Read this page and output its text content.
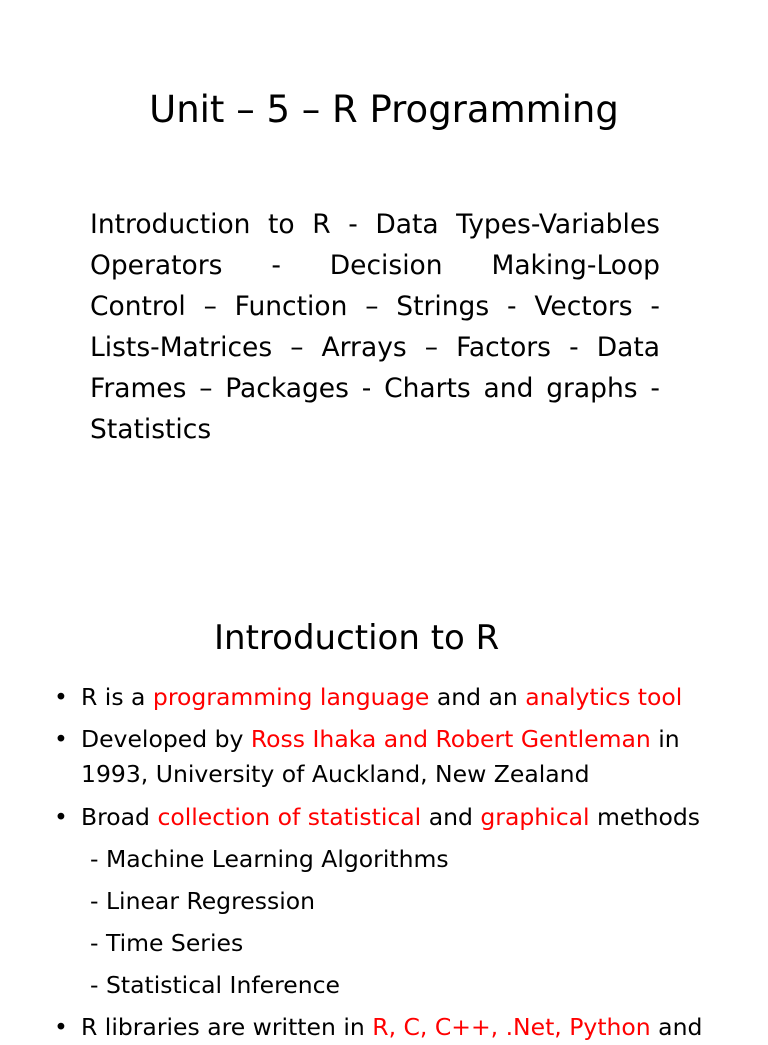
Unit – 5 – R Programming
Introduction to R - Data Types-Variables
Operators - Decision Making-Loop
Control – Function – Strings - Vectors -
Lists-Matrices – Arrays – Factors - Data
Frames – Packages - Charts and graphs -
Statistics
Introduction to R
• R is a programming language and an analytics tool
• Developed by Ross Ihaka and Robert Gentleman in
1993, University of Auckland, New Zealand
• Broad collection of statistical and graphical methods
- Machine Learning Algorithms
- Linear Regression
- Time Series
- Statistical Inference
• R libraries are written in R, C, C++, .Net, Python and
